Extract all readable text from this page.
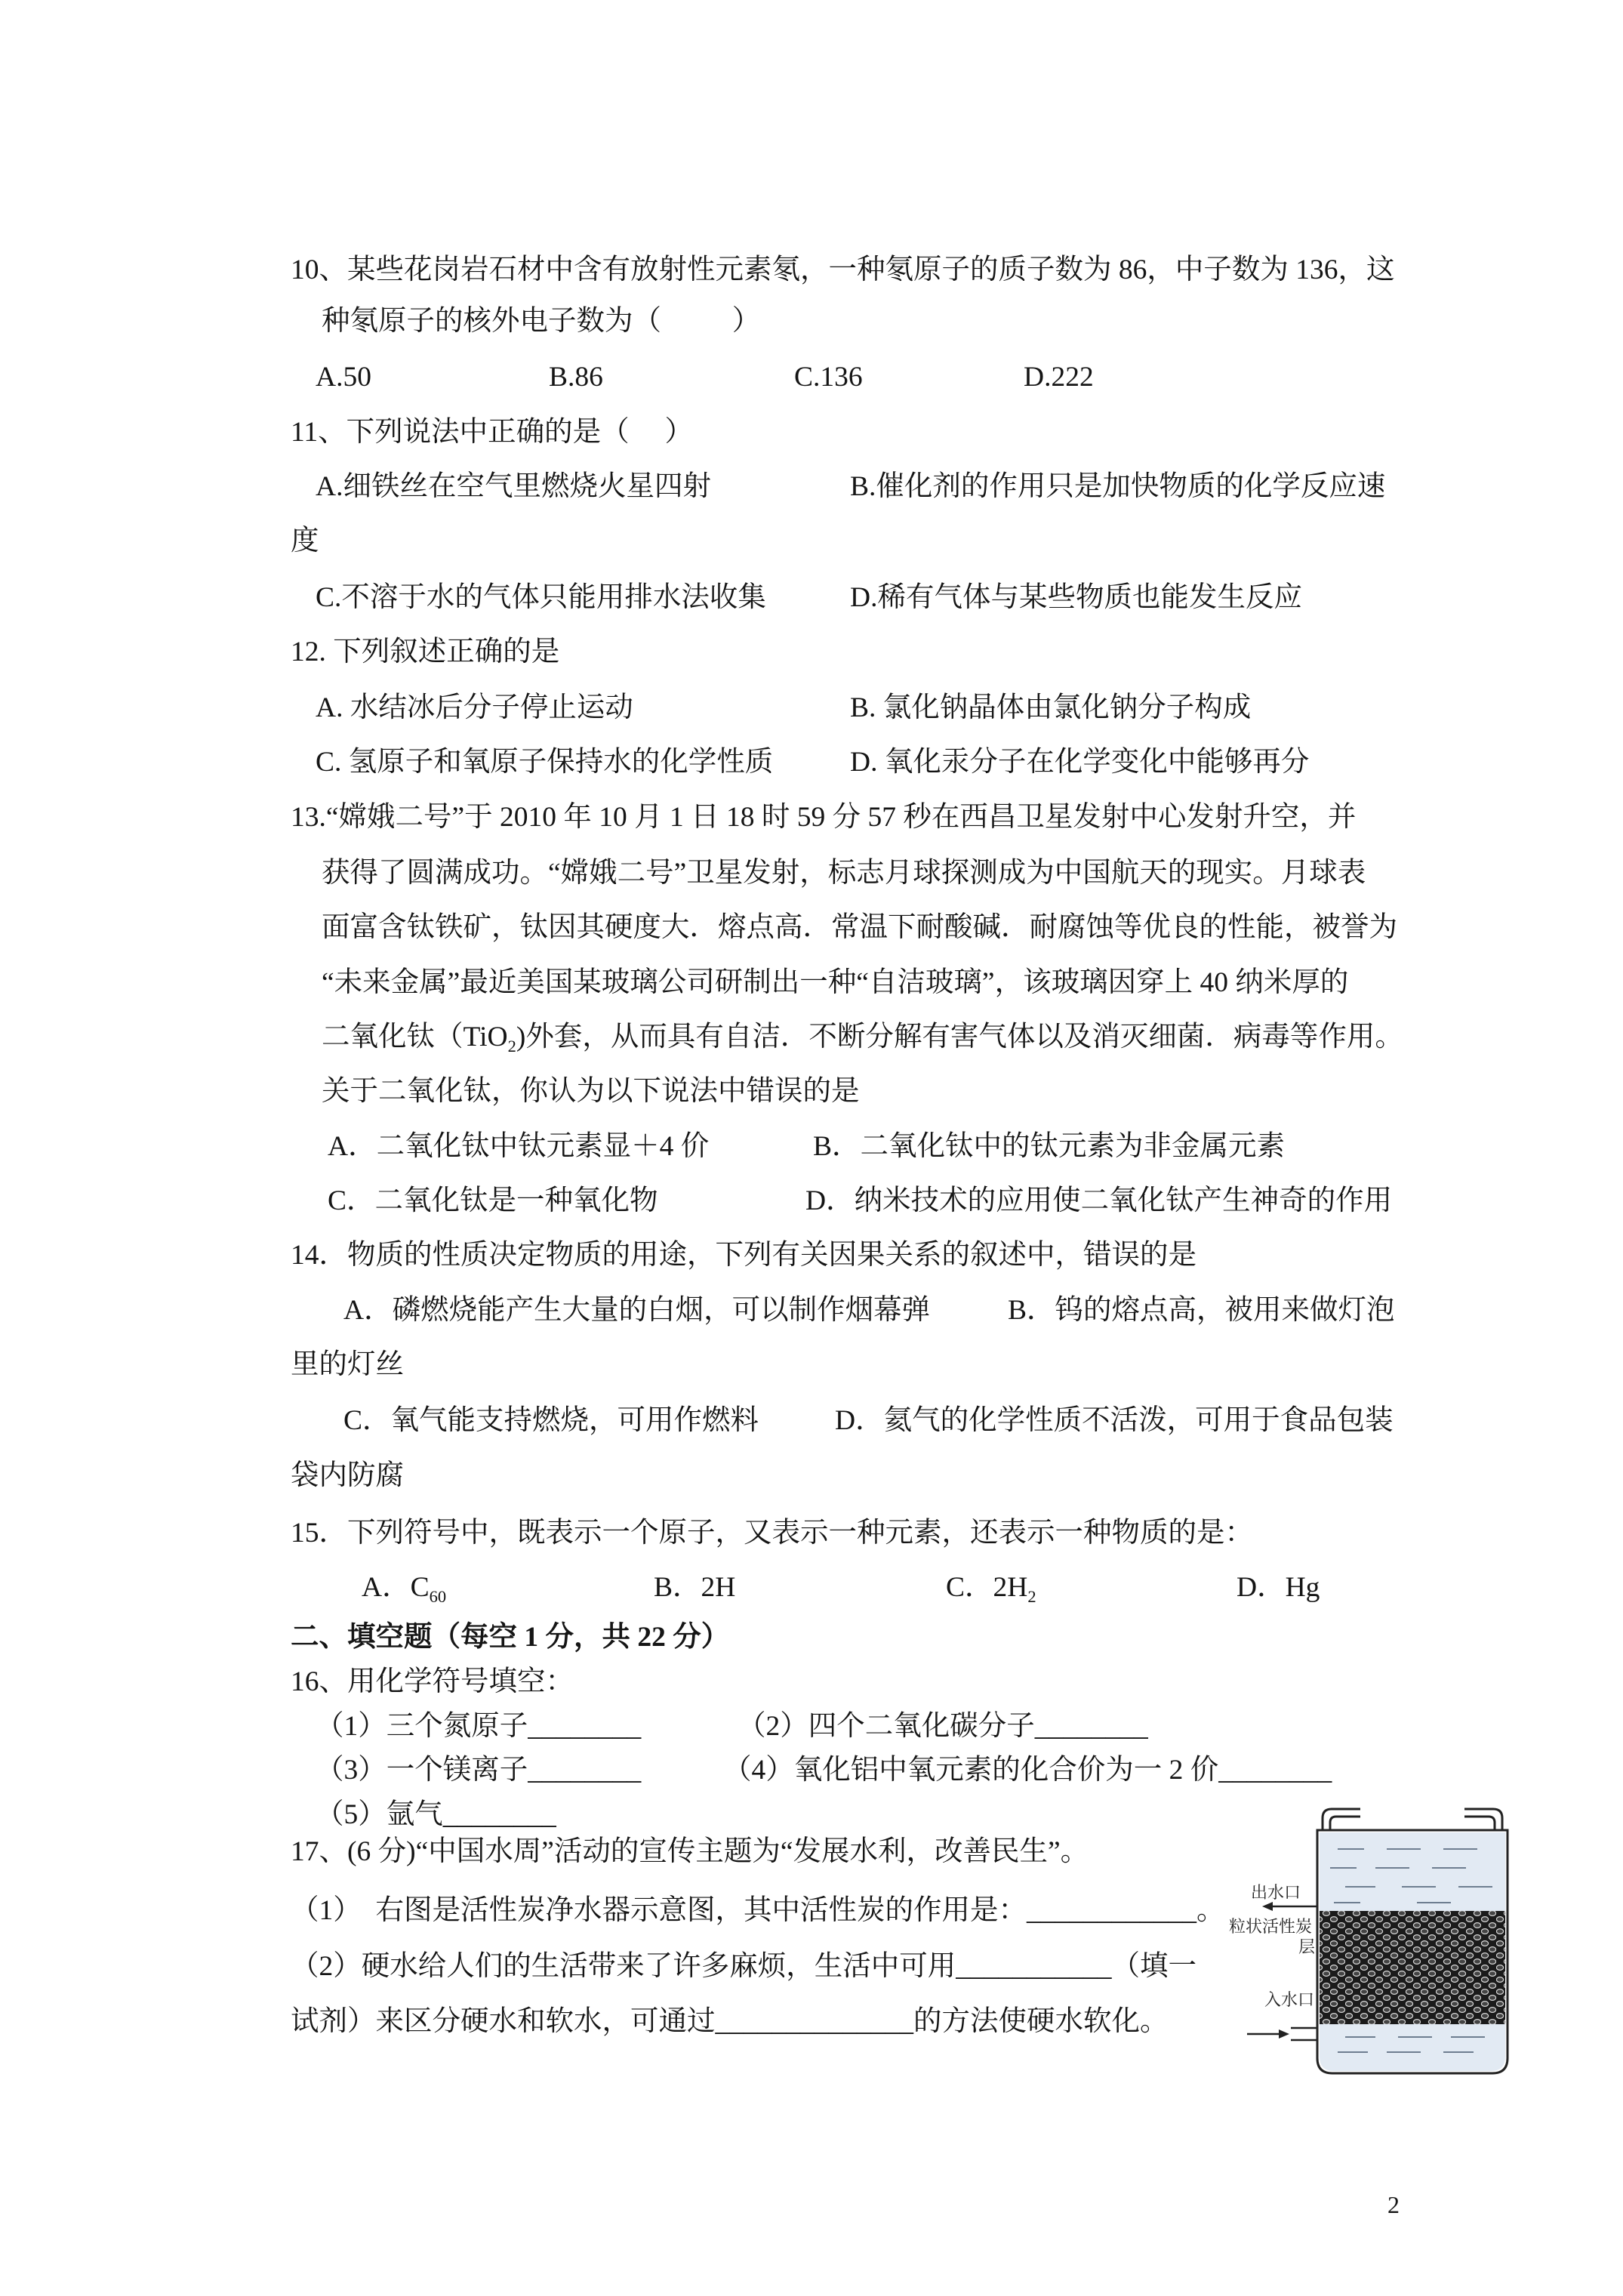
10、某些花岗岩石材中含有放射性元素氡，一种氡原子的质子数为 86，中子数为 136，这
种氡原子的核外电子数为（          ）
A.50	B.86	C.136	D.222
11、下列说法中正确的是（     ）
A.细铁丝在空气里燃烧火星四射	B.催化剂的作用只是加快物质的化学反应速
度
C.不溶于水的气体只能用排水法收集	D.稀有气体与某些物质也能发生反应
12. 下列叙述正确的是
A. 水结冰后分子停止运动	B. 氯化钠晶体由氯化钠分子构成
C. 氢原子和氧原子保持水的化学性质	D. 氧化汞分子在化学变化中能够再分
13.“嫦娥二号”于 2010 年 10 月 1 日 18 时 59 分 57 秒在西昌卫星发射中心发射升空，并
获得了圆满成功。“嫦娥二号”卫星发射，标志月球探测成为中国航天的现实。月球表
面富含钛铁矿，钛因其硬度大．熔点高．常温下耐酸碱．耐腐蚀等优良的性能，被誉为
“未来金属”最近美国某玻璃公司研制出一种“自洁玻璃”，该玻璃因穿上 40 纳米厚的
二氧化钛（TiO$_2$)外套，从而具有自洁．不断分解有害气体以及消灭细菌．病毒等作用。
关于二氧化钛，你认为以下说法中错误的是
A．二氧化钛中钛元素显＋4 价	B．二氧化钛中的钛元素为非金属元素
C．二氧化钛是一种氧化物	D．纳米技术的应用使二氧化钛产生神奇的作用
14．物质的性质决定物质的用途，下列有关因果关系的叙述中，错误的是
A．磷燃烧能产生大量的白烟，可以制作烟幕弹	B．钨的熔点高，被用来做灯泡
里的灯丝
C．氧气能支持燃烧，可用作燃料	D．氦气的化学性质不活泼，可用于食品包装
袋内防腐
15．下列符号中，既表示一个原子，又表示一种元素，还表示一种物质的是：
A．$C_{60}$	B．2H	C．$2H_2$	D．Hg
二、填空题（每空 1 分，共 22 分）
16、用化学符号填空：
（1）三个氮原子________	（2）四个二氧化碳分子________
（3）一个镁离子________	（4）氧化铝中氧元素的化合价为一 2 价________
（5）氩气________
17、(6 分)“中国水周”活动的宣传主题为“发展水利，改善民生”。
（1）  右图是活性炭净水器示意图，其中活性炭的作用是：____________。
（2）硬水给人们的生活带来了许多麻烦，生活中可用___________（填一
试剂）来区分硬水和软水，可通过______________的方法使硬水软化。
出水口
粒状活性炭
层
入水口
2
